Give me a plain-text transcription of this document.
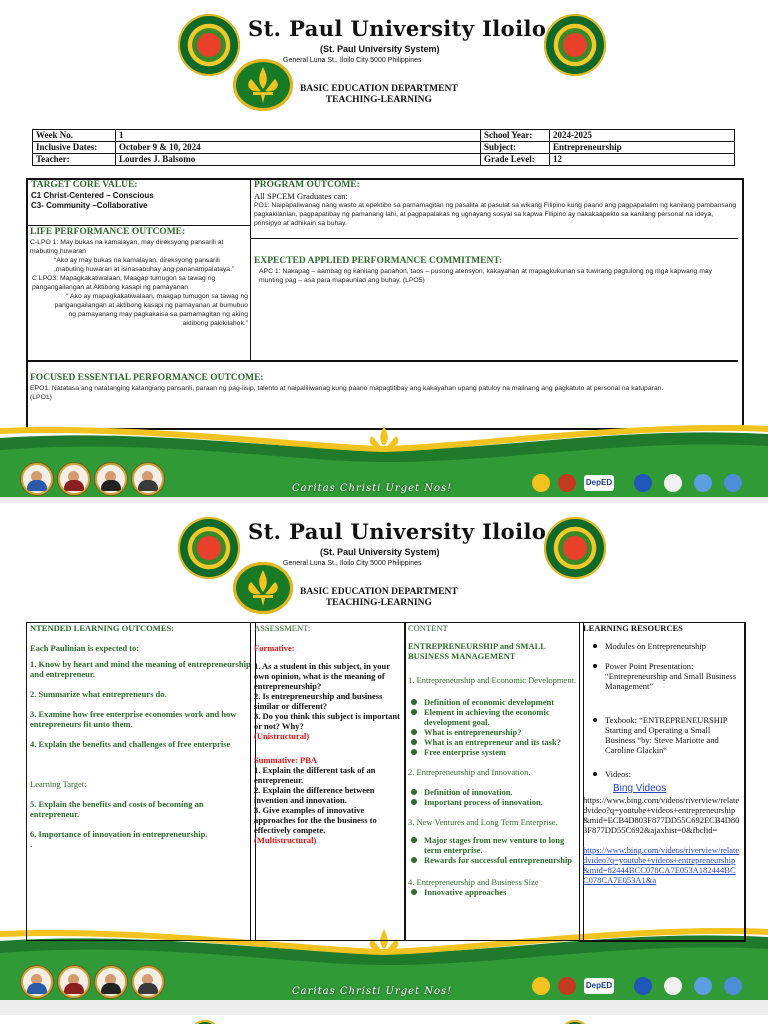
St. Paul University Iloilo
(St. Paul University System)
General Luna St., Iloilo City 5000 Philippines
BASIC EDUCATION DEPARTMENT
TEACHING-LEARNING
Week No.	1	School Year:	2024-2025
Inclusive Dates:	October 9 & 10, 2024	Subject:	Entrepreneurship
Teacher:	Lourdes J. Balsomo	Grade Level:	12
TARGET CORE VALUE:
C1 Christ-Centered – Conscious
C3- Community –Collaborative
LIFE PERFORMANCE OUTCOME:
C-LPO 1: May bukas na kamalayan, may direksyong pansarili at mabuting huwaran
“Ako ay may bukas na kamalayan, direksyong pansarili ,mabuting huwaran at isinasabuhay ang pananampalataya.”
C LPO3: Mapagkakatiwalaan, Maagap tumugon sa tawag ng pangangailangan at Aktibong kasapi ng pamayanan
“ Ako ay mapagkakatiwalaan, maagap tumugon sa tawag ng pangangailangan at aktibong kasapi ng pamayanan at bumubuo ng pamayanang may pagkakaisa sa pamamagitan ng aking aktibong pakikilahok.”
PROGRAM OUTCOME:
All SPCEM Graduates can:
PO1: Naipapaliwanag nang wasto at epektibo sa pamamagitan ng pasalita at pasulat sa wikang Filipino kung paano ang pagpapalalim ng kanilang pambansang pagkakilanlan, pagpapatibay ng pamanang lahi, at pagpapalakas ng ugnayang sosyal sa kapwa Filipino ay nakakaapekto sa kanilang personal na ideya, prinsipyo at adhikain sa buhay.
EXPECTED APPLIED PERFORMANCE COMMITMENT:
APC 1: Nakapag – aambag ng kanilang panahon, taos – pusong atensyon, kakayahan at mapagkukunan sa tuwirang pagtulong ng mga kapwang may munting pag – asa para mapaunlad ang buhay. (LPO5)
FOCUSED ESSENTIAL PERFORMANCE OUTCOME:
EPO1. Natatasa ang natatanging katangiang pansarili, paraan ng pag-iisip, talento at naipaliliwanag kung paano mapagtitibay ang kakayahan upang patuloy na malinang ang pagkatuto at personal na katuparan.
(LPO1)
Caritas Christi Urget Nos!
DepED
St. Paul University Iloilo
(St. Paul University System)
General Luna St., Iloilo City 5000 Philippines
BASIC EDUCATION DEPARTMENT
TEACHING-LEARNING
Caritas Christi Urget Nos!
DepED
NTENDED LEARNING OUTCOMES:
Each Paulinian is expected to:
1. Know by heart and mind the meaning of entrepreneurship and entrepreneur.
2. Summarize what entrepreneurs do.
3. Examine how free enterprise economies work and how entrepreneurs fit unto them.
4. Explain the benefits and challenges of free enterprise
Learning Target:
5. Explain the benefits and costs of becoming an entrepreneur.
6. Importance of innovation in entrepreneurship.
.
ASSESSMENT:
Formative:
1. As a student in this subject, in your own opinion, what is the meaning of entrepreneurship?
2. Is entrepreneurship and business similar or different?
3. Do you think this subject is important or not? Why?
(Unistructural)
Summative: PBA
1. Explain the different task of an entrepreneur.
2. Explain the difference between invention and innovation.
3. Give examples of innovative approaches for the the business to effectively compete.
(Multistructural)
CONTENT
ENTREPRENEURSHIP and SMALL BUSINESS MANAGEMENT
1. Entrepreneurship and Economic Development.
Definition of economic development
Element in achieving the economic development goal.
What is entrepreneurship?
What is an entrepreneur and its task?
Free enterprise system
2. Entrepreneurship and Innovation.
Definition of innovation.
Important process of innovation.
3. New Ventures and Long Term Enterprise.
Major stages from new venture to long term enterprise.
Rewards for successful entrepreneurship
4. Entrepreneurship and Business Size
Innovative approaches
LEARNING RESOURCES
Modules on Entrepreneurship
Power Point Presentation: “Entrepreneurship and Small Business Management”
Texbook: “ENTREPRENEURSHIP Starting and Operating a Small Business “by: Steve Mariotte and Caroline Glackin“
Videos:
Bing Videos
https://www.bing.com/videos/riverview/relatedvideo?q=youtube+videos+entrepreneurship&mid=ECB4D803F877DD55C692ECB4D803F877DD55C692&ajaxhist=0&fbclid=
https://www.bing.com/videos/riverview/relatedvideo?q=youtube+videos+entrepreneurship&mid=82444BCC078CA7E053A182444BCC078CA7E053A1&a
